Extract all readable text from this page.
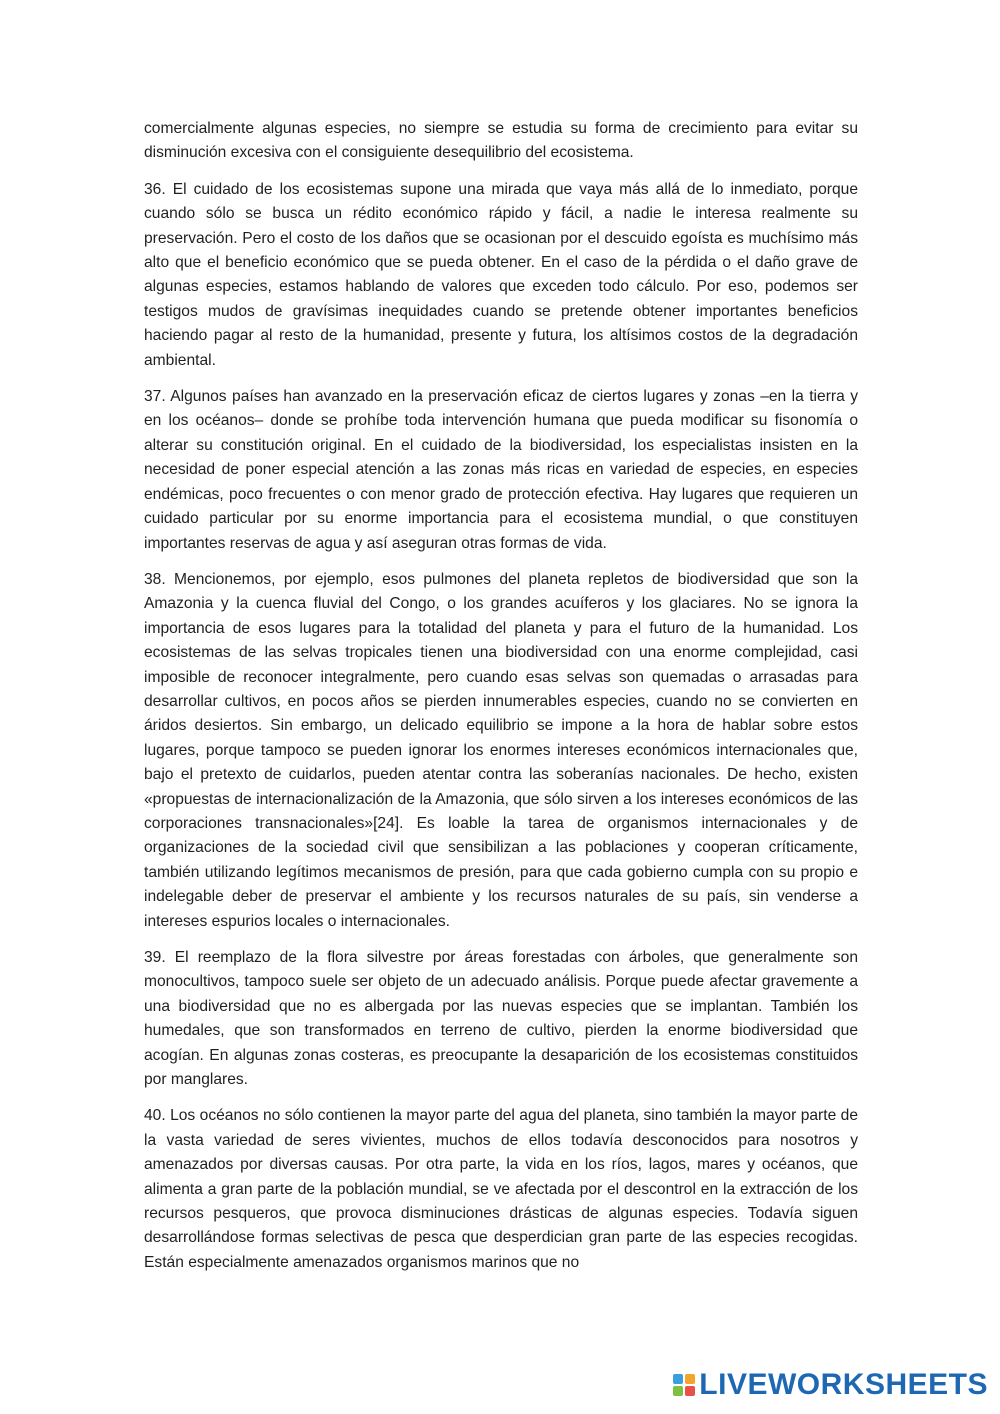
comercialmente algunas especies, no siempre se estudia su forma de crecimiento para evitar su disminución excesiva con el consiguiente desequilibrio del ecosistema.

36. El cuidado de los ecosistemas supone una mirada que vaya más allá de lo inmediato, porque cuando sólo se busca un rédito económico rápido y fácil, a nadie le interesa realmente su preservación. Pero el costo de los daños que se ocasionan por el descuido egoísta es muchísimo más alto que el beneficio económico que se pueda obtener. En el caso de la pérdida o el daño grave de algunas especies, estamos hablando de valores que exceden todo cálculo. Por eso, podemos ser testigos mudos de gravísimas inequidades cuando se pretende obtener importantes beneficios haciendo pagar al resto de la humanidad, presente y futura, los altísimos costos de la degradación ambiental.

37. Algunos países han avanzado en la preservación eficaz de ciertos lugares y zonas –en la tierra y en los océanos– donde se prohíbe toda intervención humana que pueda modificar su fisonomía o alterar su constitución original. En el cuidado de la biodiversidad, los especialistas insisten en la necesidad de poner especial atención a las zonas más ricas en variedad de especies, en especies endémicas, poco frecuentes o con menor grado de protección efectiva. Hay lugares que requieren un cuidado particular por su enorme importancia para el ecosistema mundial, o que constituyen importantes reservas de agua y así aseguran otras formas de vida.

38. Mencionemos, por ejemplo, esos pulmones del planeta repletos de biodiversidad que son la Amazonia y la cuenca fluvial del Congo, o los grandes acuíferos y los glaciares. No se ignora la importancia de esos lugares para la totalidad del planeta y para el futuro de la humanidad. Los ecosistemas de las selvas tropicales tienen una biodiversidad con una enorme complejidad, casi imposible de reconocer integralmente, pero cuando esas selvas son quemadas o arrasadas para desarrollar cultivos, en pocos años se pierden innumerables especies, cuando no se convierten en áridos desiertos. Sin embargo, un delicado equilibrio se impone a la hora de hablar sobre estos lugares, porque tampoco se pueden ignorar los enormes intereses económicos internacionales que, bajo el pretexto de cuidarlos, pueden atentar contra las soberanías nacionales. De hecho, existen «propuestas de internacionalización de la Amazonia, que sólo sirven a los intereses económicos de las corporaciones transnacionales»[24]. Es loable la tarea de organismos internacionales y de organizaciones de la sociedad civil que sensibilizan a las poblaciones y cooperan críticamente, también utilizando legítimos mecanismos de presión, para que cada gobierno cumpla con su propio e indelegable deber de preservar el ambiente y los recursos naturales de su país, sin venderse a intereses espurios locales o internacionales.

39. El reemplazo de la flora silvestre por áreas forestadas con árboles, que generalmente son monocultivos, tampoco suele ser objeto de un adecuado análisis. Porque puede afectar gravemente a una biodiversidad que no es albergada por las nuevas especies que se implantan. También los humedales, que son transformados en terreno de cultivo, pierden la enorme biodiversidad que acogían. En algunas zonas costeras, es preocupante la desaparición de los ecosistemas constituidos por manglares.

40. Los océanos no sólo contienen la mayor parte del agua del planeta, sino también la mayor parte de la vasta variedad de seres vivientes, muchos de ellos todavía desconocidos para nosotros y amenazados por diversas causas. Por otra parte, la vida en los ríos, lagos, mares y océanos, que alimenta a gran parte de la población mundial, se ve afectada por el descontrol en la extracción de los recursos pesqueros, que provoca disminuciones drásticas de algunas especies. Todavía siguen desarrollándose formas selectivas de pesca que desperdician gran parte de las especies recogidas. Están especialmente amenazados organismos marinos que no

LIVEWORKSHEETS
